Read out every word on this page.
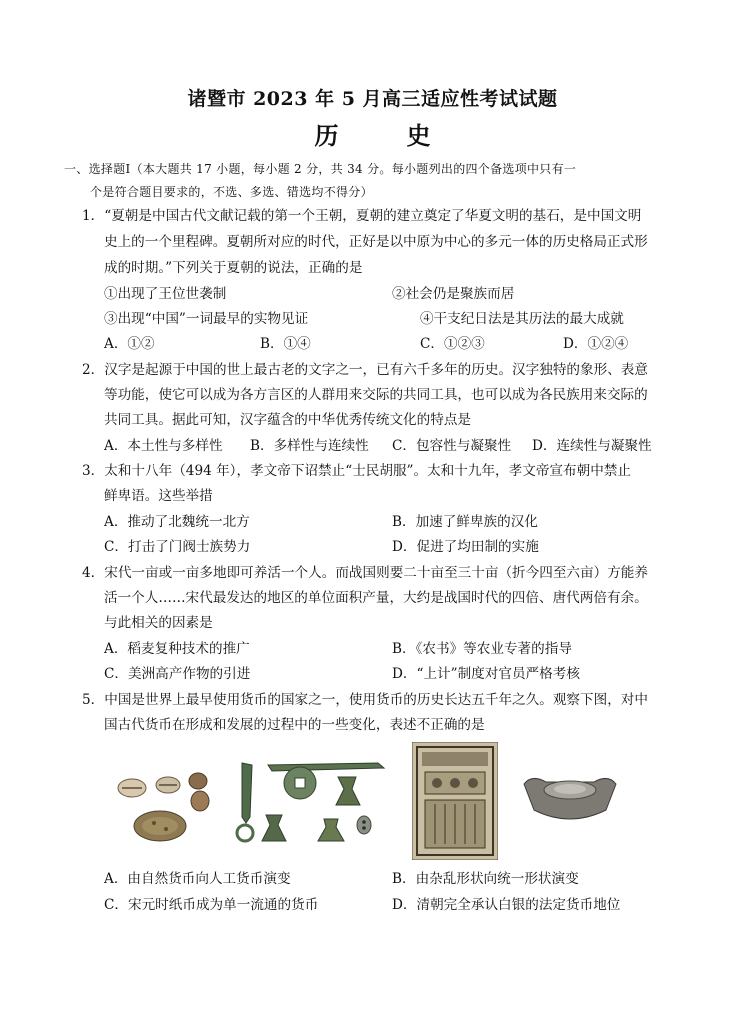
诸暨市 2023 年 5 月高三适应性考试试题
历　史
一、选择题Ⅰ（本大题共 17 小题，每小题 2 分，共 34 分。每小题列出的四个备选项中只有一
个是符合题目要求的，不选、多选、错选均不得分）
1．“夏朝是中国古代文献记载的第一个王朝，夏朝的建立奠定了华夏文明的基石，是中国文明
史上的一个里程碑。夏朝所对应的时代，正好是以中原为中心的多元一体的历史格局正式形
成的时期。”下列关于夏朝的说法，正确的是
①出现了王位世袭制	②社会仍是聚族而居
③出现“中国”一词最早的实物见证	④干支纪日法是其历法的最大成就
A．①②	B．①④	C．①②③	D．①②④
2．汉字是起源于中国的世上最古老的文字之一，已有六千多年的历史。汉字独特的象形、表意
等功能，使它可以成为各方言区的人群用来交际的共同工具，也可以成为各民族用来交际的
共同工具。据此可知，汉字蕴含的中华优秀传统文化的特点是
A．本土性与多样性 B．多样性与连续性 C．包容性与凝聚性 D．连续性与凝聚性
3．太和十八年（494 年），孝文帝下诏禁止“士民胡服”。太和十九年，孝文帝宣布朝中禁止
鲜卑语。这些举措
A．推动了北魏统一北方	B．加速了鲜卑族的汉化
C．打击了门阀士族势力	D．促进了均田制的实施
4．宋代一亩或一亩多地即可养活一个人。而战国则要二十亩至三十亩（折今四至六亩）方能养
活一个人……宋代最发达的地区的单位面积产量，大约是战国时代的四倍、唐代两倍有余。
与此相关的因素是
A．稻麦复种技术的推广	B．《农书》等农业专著的指导
C．美洲高产作物的引进	D．“上计”制度对官员严格考核
5．中国是世界上最早使用货币的国家之一，使用货币的历史长达五千年之久。观察下图，对中
国古代货币在形成和发展的过程中的一些变化，表述不正确的是
A．由自然货币向人工货币演变	B．由杂乱形状向统一形状演变
C．宋元时纸币成为单一流通的货币	D．清朝完全承认白银的法定货币地位
